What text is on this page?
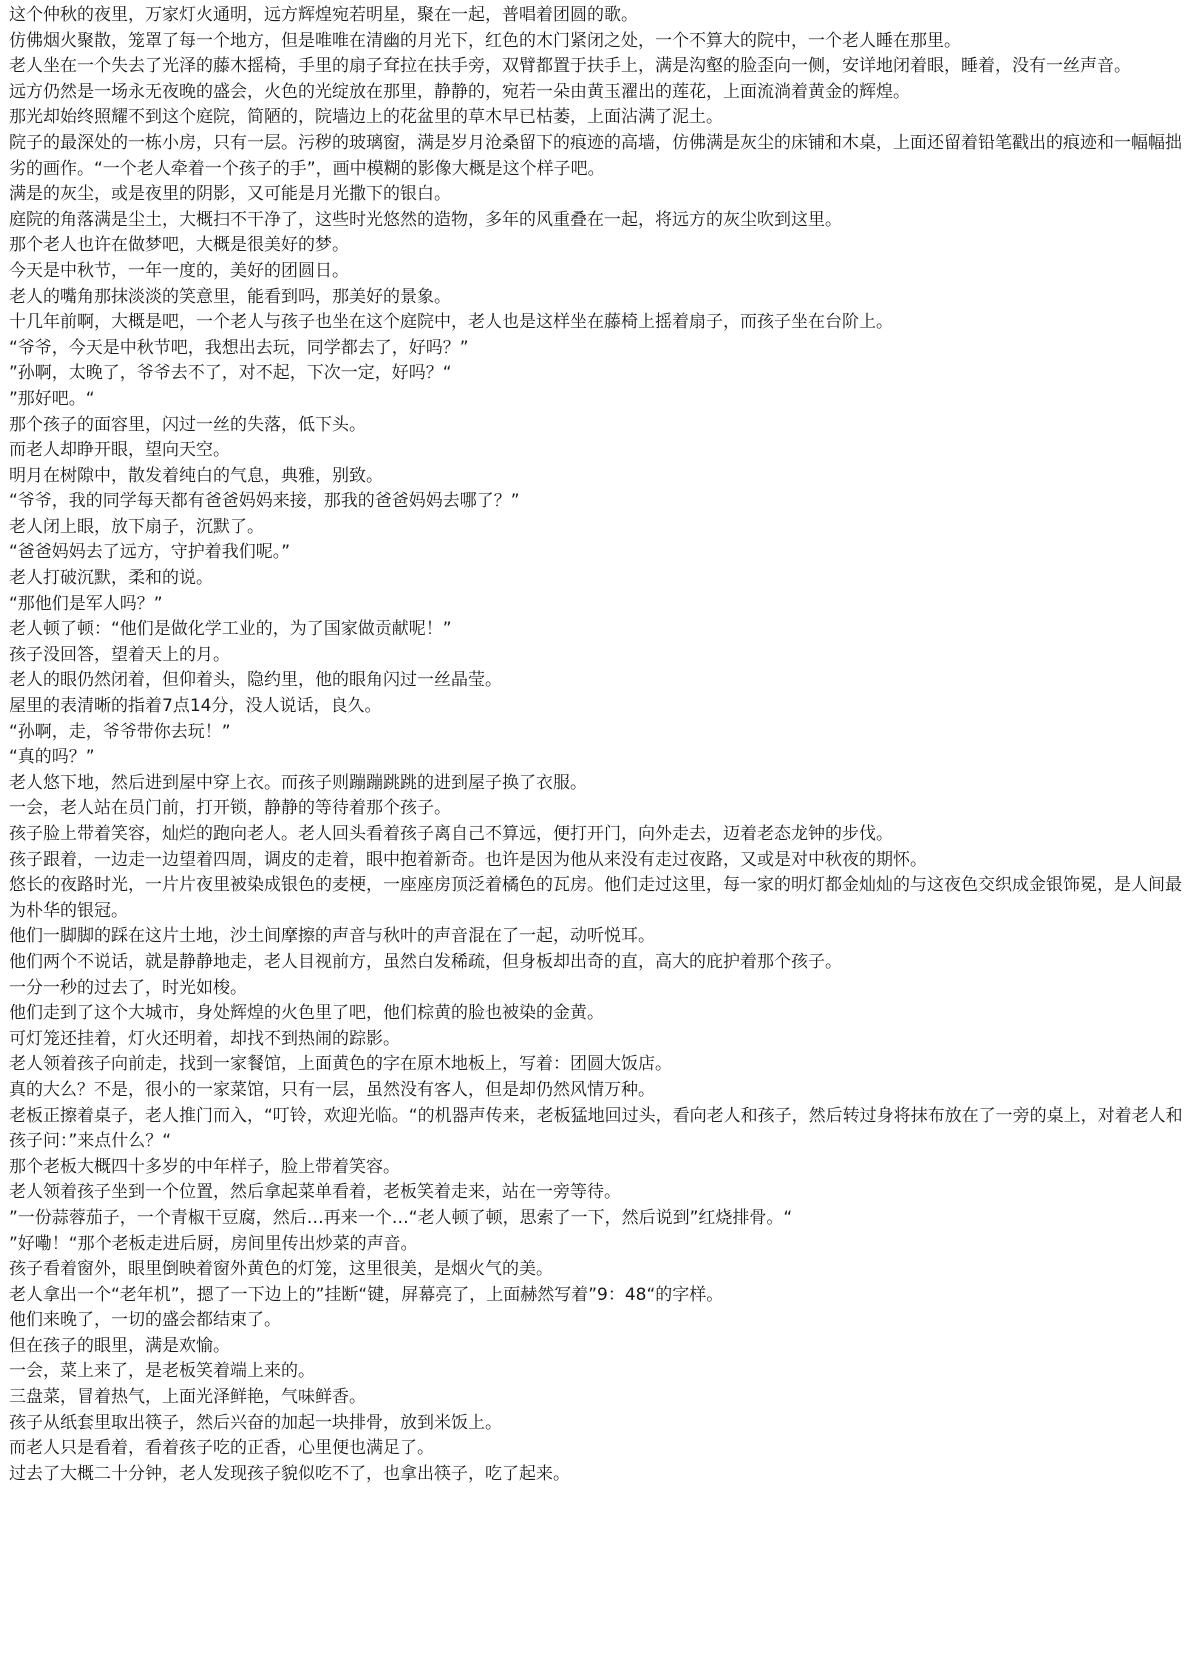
这个仲秋的夜里，万家灯火通明，远方辉煌宛若明星，聚在一起，普唱着团圆的歌。

仿佛烟火聚散，笼罩了每一个地方，但是唯唯在清幽的月光下，红色的木门紧闭之处，一个不算大的院中，一个老人睡在那里。

老人坐在一个失去了光泽的藤木摇椅，手里的扇子耷拉在扶手旁，双臂都置于扶手上，满是沟壑的脸歪向一侧，安详地闭着眼，睡着，没有一丝声音。

远方仍然是一场永无夜晚的盛会，火色的光绽放在那里，静静的，宛若一朵由黄玉濯出的莲花，上面流淌着黄金的辉煌。

那光却始终照耀不到这个庭院，简陋的，院墙边上的花盆里的草木早已枯萎，上面沾满了泥土。

院子的最深处的一栋小房，只有一层。污秽的玻璃窗，满是岁月沧桑留下的痕迹的高墙，仿佛满是灰尘的床铺和木桌，上面还留着铅笔戳出的痕迹和一幅幅拙劣的画作。“一个老人牵着一个孩子的手”，画中模糊的影像大概是这个样子吧。

满是的灰尘，或是夜里的阴影，又可能是月光撒下的银白。

庭院的角落满是尘土，大概扫不干净了，这些时光悠然的造物，多年的风重叠在一起，将远方的灰尘吹到这里。

那个老人也许在做梦吧，大概是很美好的梦。

今天是中秋节，一年一度的，美好的团圆日。

老人的嘴角那抹淡淡的笑意里，能看到吗，那美好的景象。

十几年前啊，大概是吧，一个老人与孩子也坐在这个庭院中，老人也是这样坐在藤椅上摇着扇子，而孩子坐在台阶上。

“爷爷，今天是中秋节吧，我想出去玩，同学都去了，好吗？”

”孙啊，太晚了，爷爷去不了，对不起，下次一定，好吗？“

”那好吧。“

那个孩子的面容里，闪过一丝的失落，低下头。

而老人却睁开眼，望向天空。

明月在树隙中，散发着纯白的气息，典雅，别致。

“爷爷，我的同学每天都有爸爸妈妈来接，那我的爸爸妈妈去哪了？”

老人闭上眼，放下扇子，沉默了。

“爸爸妈妈去了远方，守护着我们呢。”

老人打破沉默，柔和的说。

“那他们是军人吗？”

老人顿了顿：“他们是做化学工业的，为了国家做贡献呢！”

孩子没回答，望着天上的月。

老人的眼仍然闭着，但仰着头，隐约里，他的眼角闪过一丝晶莹。

屋里的表清晰的指着7点14分，没人说话，良久。

“孙啊，走，爷爷带你去玩！”

“真的吗？”

老人悠下地，然后进到屋中穿上衣。而孩子则蹦蹦跳跳的进到屋子换了衣服。

一会，老人站在员门前，打开锁，静静的等待着那个孩子。

孩子脸上带着笑容，灿烂的跑向老人。老人回头看着孩子离自己不算远，便打开门，向外走去，迈着老态龙钟的步伐。

孩子跟着，一边走一边望着四周，调皮的走着，眼中抱着新奇。也许是因为他从来没有走过夜路，又或是对中秋夜的期怀。

悠长的夜路时光，一片片夜里被染成银色的麦梗，一座座房顶泛着橘色的瓦房。他们走过这里，每一家的明灯都金灿灿的与这夜色交织成金银饰冕，是人间最为朴华的银冠。

他们一脚脚的踩在这片土地，沙土间摩擦的声音与秋叶的声音混在了一起，动听悦耳。

他们两个不说话，就是静静地走，老人目视前方，虽然白发稀疏，但身板却出奇的直，高大的庇护着那个孩子。

一分一秒的过去了，时光如梭。

他们走到了这个大城市，身处辉煌的火色里了吧，他们棕黄的脸也被染的金黄。

可灯笼还挂着，灯火还明着，却找不到热闹的踪影。

老人领着孩子向前走，找到一家餐馆，上面黄色的字在原木地板上，写着：团圆大饭店。

真的大么？不是，很小的一家菜馆，只有一层，虽然没有客人，但是却仍然风情万种。

老板正擦着桌子，老人推门而入，“叮铃，欢迎光临。“的机器声传来，老板猛地回过头，看向老人和孩子，然后转过身将抹布放在了一旁的桌上，对着老人和孩子问：”来点什么？“

那个老板大概四十多岁的中年样子，脸上带着笑容。

老人领着孩子坐到一个位置，然后拿起菜单看着，老板笑着走来，站在一旁等待。

”一份蒜蓉茄子，一个青椒干豆腐，然后…再来一个…“老人顿了顿，思索了一下，然后说到”红烧排骨。“

”好嘞！“那个老板走进后厨，房间里传出炒菜的声音。

孩子看着窗外，眼里倒映着窗外黄色的灯笼，这里很美，是烟火气的美。

老人拿出一个“老年机”，摁了一下边上的”挂断“键，屏幕亮了，上面赫然写着”9：48“的字样。

他们来晚了，一切的盛会都结束了。

但在孩子的眼里，满是欢愉。

一会，菜上来了，是老板笑着端上来的。

三盘菜，冒着热气，上面光泽鲜艳，气味鲜香。

孩子从纸套里取出筷子，然后兴奋的加起一块排骨，放到米饭上。

而老人只是看着，看着孩子吃的正香，心里便也满足了。

过去了大概二十分钟，老人发现孩子貌似吃不了，也拿出筷子，吃了起来。
